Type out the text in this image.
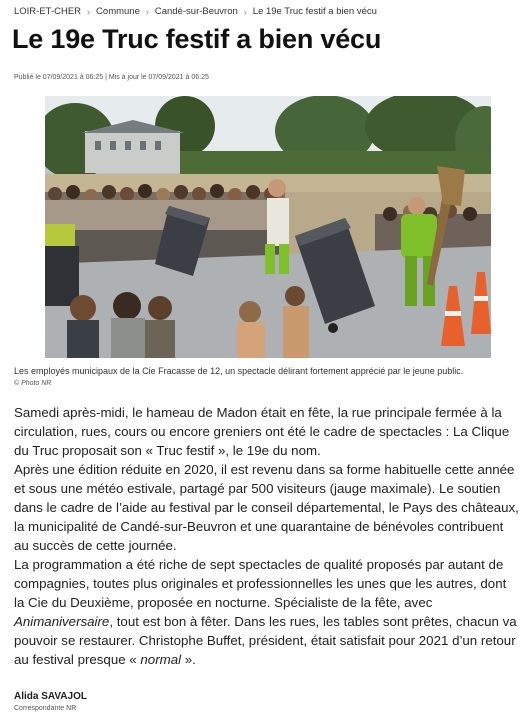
LOIR-ET-CHER › Commune › Candé-sur-Beuvron › Le 19e Truc festif a bien vécu
Le 19e Truc festif a bien vécu
Publié le 07/09/2021 à 06:25 | Mis à jour le 07/09/2021 à 06:25
Les employés municipaux de la Cie Fracasse de 12, un spectacle délirant fortement apprécié par le jeune public.
© Photo NR

Samedi après-midi, le hameau de Madon était en fête, la rue principale fermée à la circulation, rues, cours ou encore greniers ont été le cadre de spectacles : La Clique du Truc proposait son « Truc festif », le 19e du nom.

Après une édition réduite en 2020, il est revenu dans sa forme habituelle cette année et sous une météo estivale, partagé par 500 visiteurs (jauge maximale). Le soutien dans le cadre de l’aide au festival par le conseil départemental, le Pays des châteaux, la municipalité de Candé-sur-Beuvron et une quarantaine de bénévoles contribuent au succès de cette journée.

La programmation a été riche de sept spectacles de qualité proposés par autant de compagnies, toutes plus originales et professionnelles les unes que les autres, dont la Cie du Deuxième, proposée en nocturne. Spécialiste de la fête, avec Animaniversaire, tout est bon à fêter. Dans les rues, les tables sont prêtes, chacun va pouvoir se restaurer. Christophe Buffet, président, était satisfait pour 2021 d’un retour au festival presque « normal ».

Alida SAVAJOL
Correspondante NR
